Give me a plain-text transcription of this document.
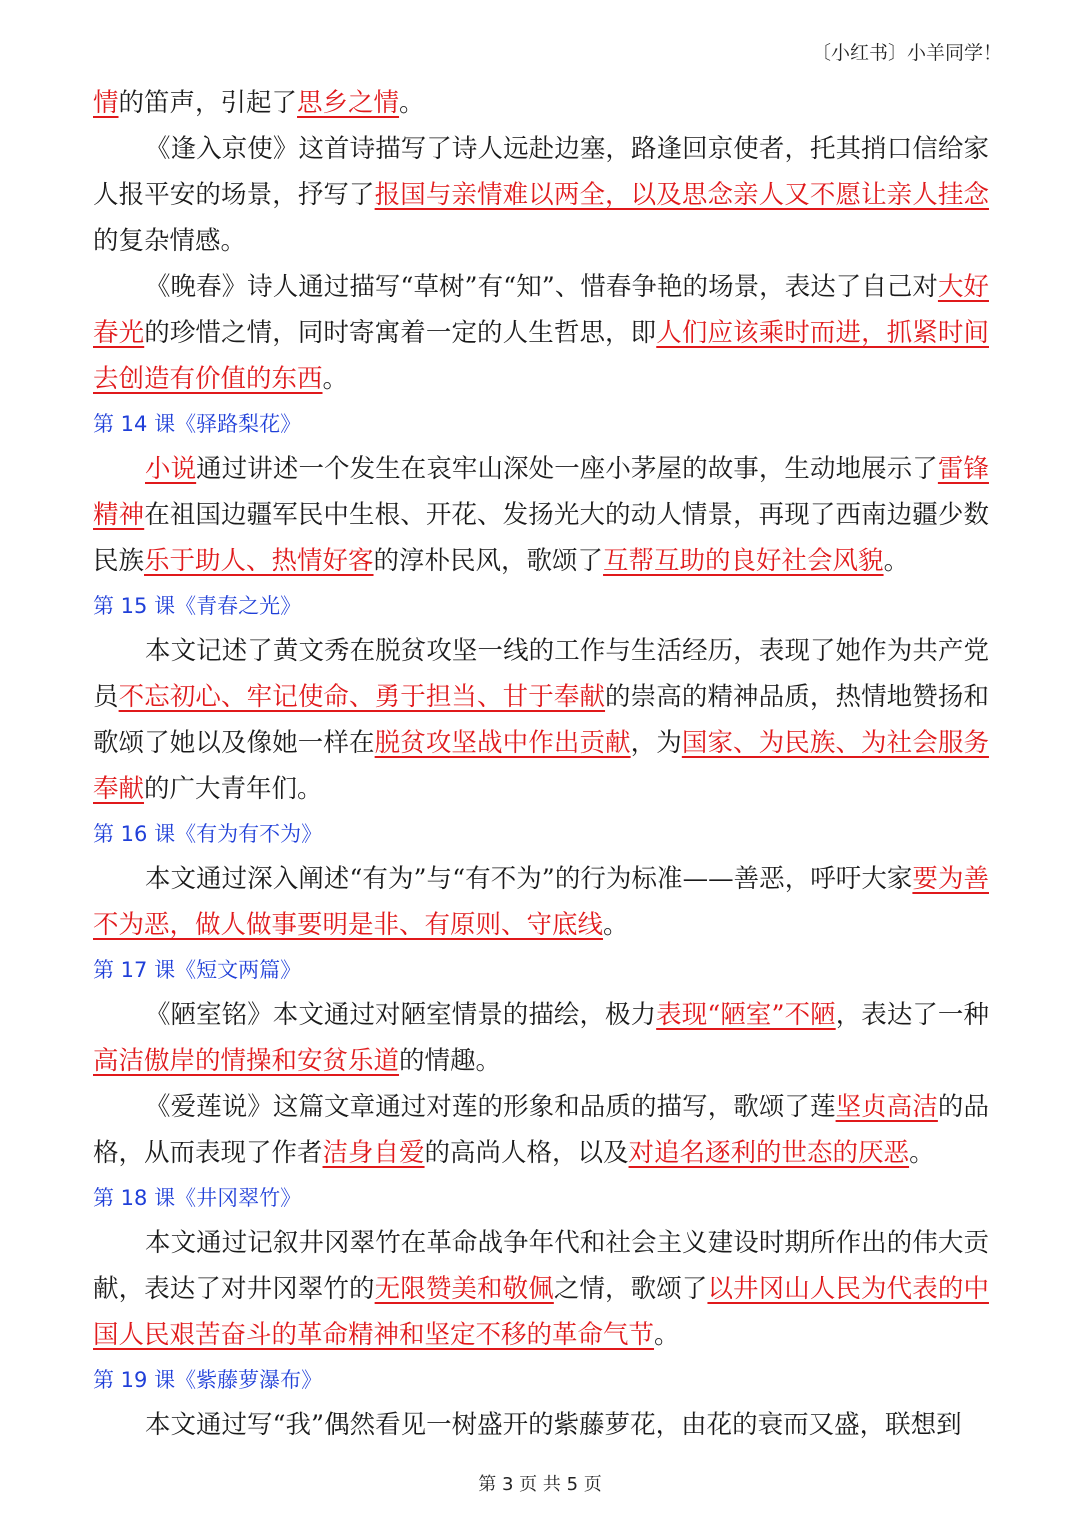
〔小红书〕小羊同学！

情的笛声，引起了思乡之情。

《逢入京使》这首诗描写了诗人远赴边塞，路逢回京使者，托其捎口信给家人报平安的场景，抒写了报国与亲情难以两全，以及思念亲人又不愿让亲人挂念的复杂情感。

《晚春》诗人通过描写“草树”有“知”、惜春争艳的场景，表达了自己对大好春光的珍惜之情，同时寄寓着一定的人生哲思，即人们应该乘时而进，抓紧时间去创造有价值的东西。

第 14 课《驿路梨花》

小说通过讲述一个发生在哀牢山深处一座小茅屋的故事，生动地展示了雷锋精神在祖国边疆军民中生根、开花、发扬光大的动人情景，再现了西南边疆少数民族乐于助人、热情好客的淳朴民风，歌颂了互帮互助的良好社会风貌。

第 15 课《青春之光》

本文记述了黄文秀在脱贫攻坚一线的工作与生活经历，表现了她作为共产党员不忘初心、牢记使命、勇于担当、甘于奉献的崇高的精神品质，热情地赞扬和歌颂了她以及像她一样在脱贫攻坚战中作出贡献，为国家、为民族、为社会服务奉献的广大青年们。

第 16 课《有为有不为》

本文通过深入阐述“有为”与“有不为”的行为标准——善恶，呼吁大家要为善不为恶，做人做事要明是非、有原则、守底线。

第 17 课《短文两篇》

《陋室铭》本文通过对陋室情景的描绘，极力表现“陋室”不陋，表达了一种高洁傲岸的情操和安贫乐道的情趣。

《爱莲说》这篇文章通过对莲的形象和品质的描写，歌颂了莲坚贞高洁的品格，从而表现了作者洁身自爱的高尚人格，以及对追名逐利的世态的厌恶。

第 18 课《井冈翠竹》

本文通过记叙井冈翠竹在革命战争年代和社会主义建设时期所作出的伟大贡献，表达了对井冈翠竹的无限赞美和敬佩之情，歌颂了以井冈山人民为代表的中国人民艰苦奋斗的革命精神和坚定不移的革命气节。

第 19 课《紫藤萝瀑布》

本文通过写“我”偶然看见一树盛开的紫藤萝花，由花的衰而又盛，联想到

第 3 页 共 5 页
